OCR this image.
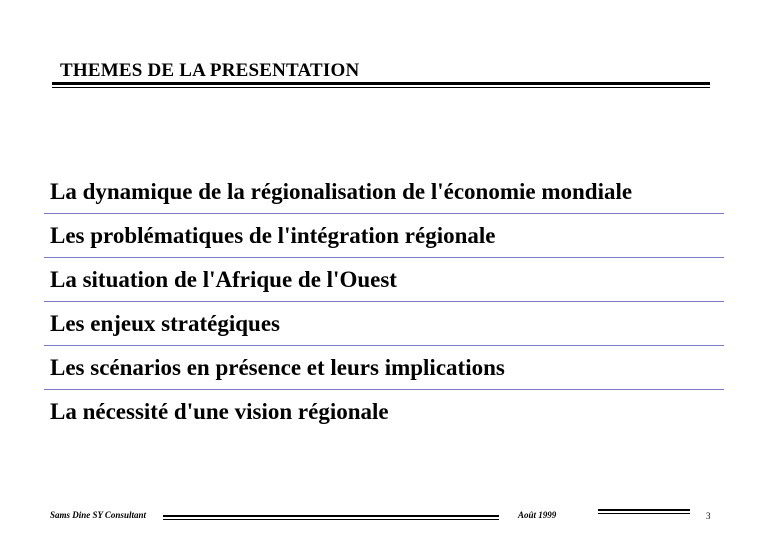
THEMES DE LA PRESENTATION
La dynamique de la régionalisation de l'économie mondiale
Les problématiques de l'intégration régionale
La situation de l'Afrique de l'Ouest
Les enjeux stratégiques
Les scénarios en présence et leurs implications
La nécessité d'une vision régionale
Sams Dine SY Consultant	Août 1999	3
